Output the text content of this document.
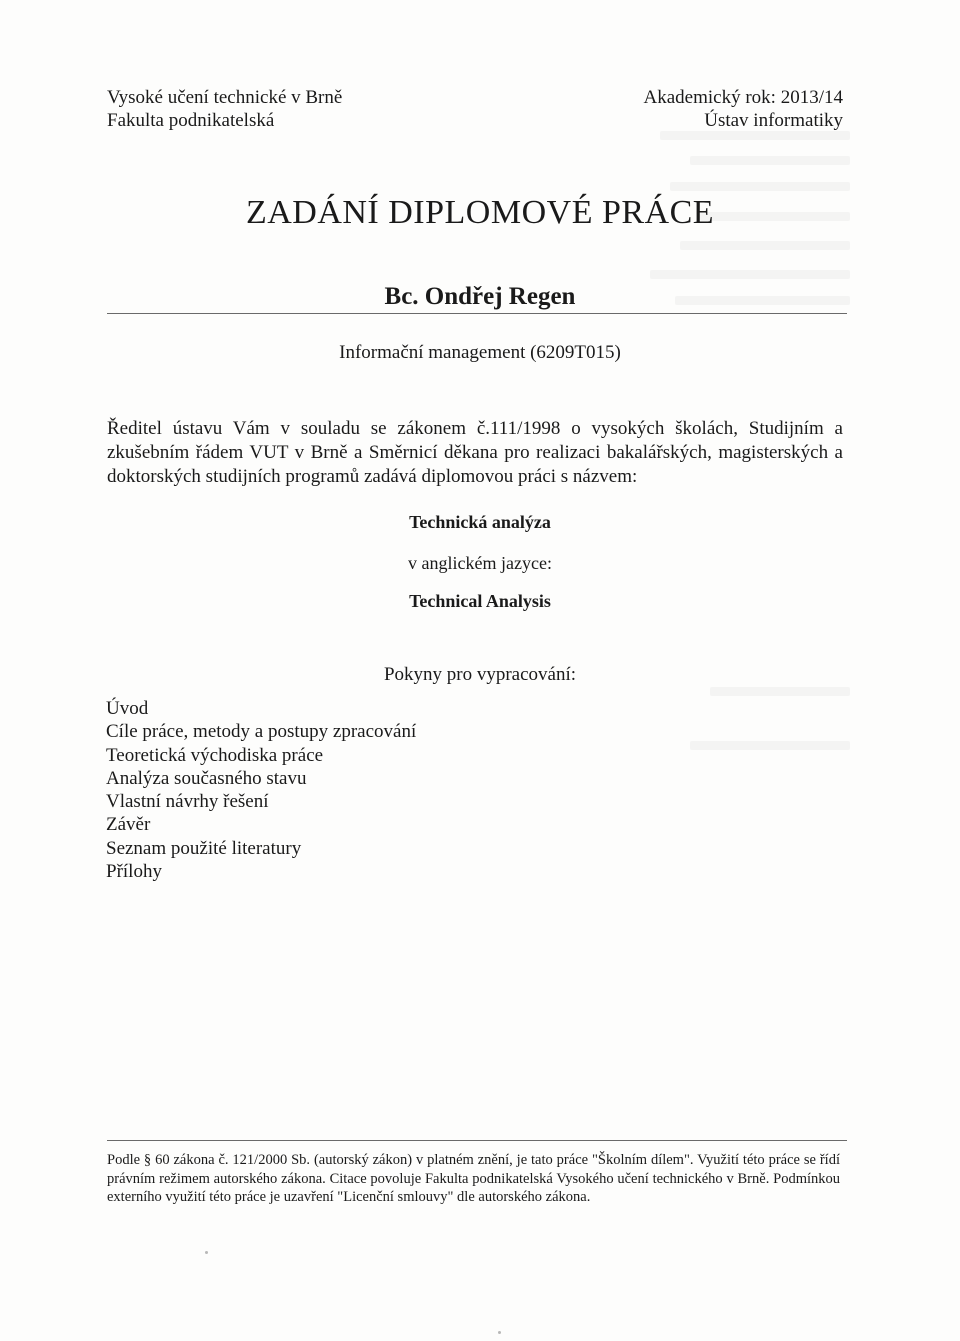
Vysoké učení technické v Brně
Fakulta podnikatelská
Akademický rok: 2013/14
Ústav informatiky
ZADÁNÍ DIPLOMOVÉ PRÁCE
Bc. Ondřej Regen
Informační management (6209T015)
Ředitel ústavu Vám v souladu se zákonem č.111/1998 o vysokých školách, Studijním a zkušebním řádem VUT v Brně a Směrnicí děkana pro realizaci bakalářských, magisterských a doktorských studijních programů zadává diplomovou práci s názvem:
Technická analýza
v anglickém jazyce:
Technical Analysis
Pokyny pro vypracování:
Úvod
Cíle práce, metody a postupy zpracování
Teoretická východiska práce
Analýza současného stavu
Vlastní návrhy řešení
Závěr
Seznam použité literatury
Přílohy
Podle § 60 zákona č. 121/2000 Sb. (autorský zákon) v platném znění, je tato práce "Školním dílem". Využití této práce se řídí právním režimem autorského zákona. Citace povoluje Fakulta podnikatelská Vysokého učení technického v Brně. Podmínkou externího využití této práce je uzavření "Licenční smlouvy" dle autorského zákona.
